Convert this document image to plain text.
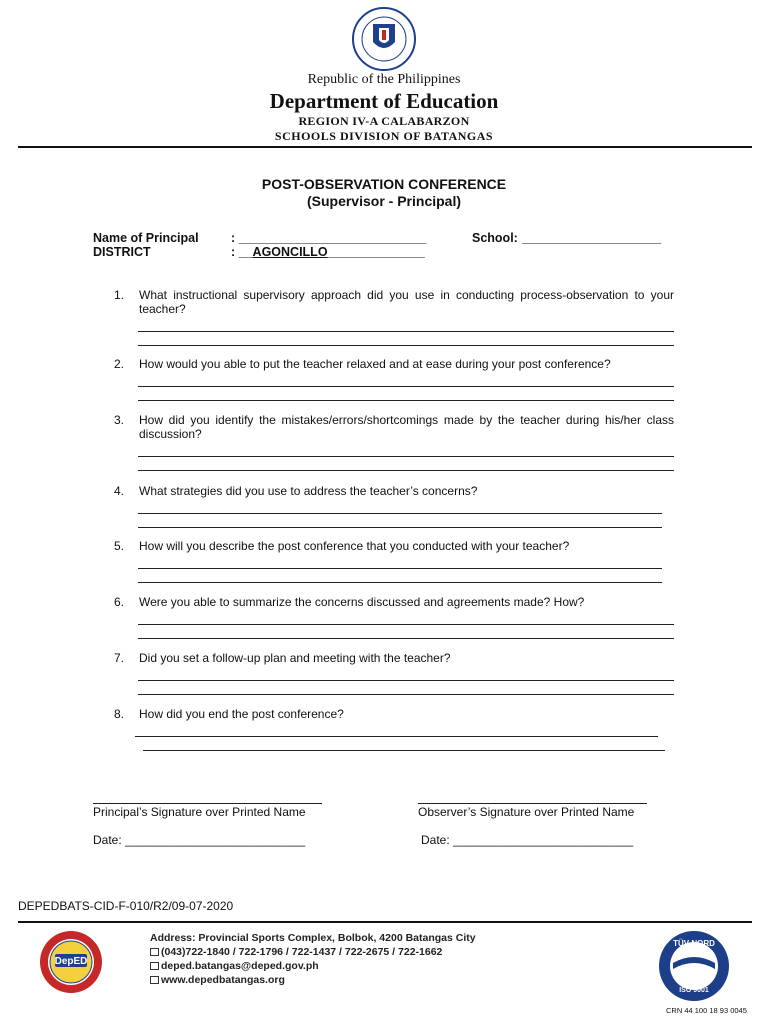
Republic of the Philippines
Department of Education
REGION IV-A CALABARZON
SCHOOLS DIVISION OF BATANGAS
POST-OBSERVATION CONFERENCE
(Supervisor - Principal)
Name of Principal	: ___________________________	School: ____________________
DISTRICT	: __AGONCILLO______________
1.	What instructional supervisory approach did you use in conducting process-observation to your teacher?
2.	How would you able to put the teacher relaxed and at ease during your post conference?
3.	How did you identify the mistakes/errors/shortcomings made by the teacher during his/her class discussion?
4.	What strategies did you use to address the teacher’s concerns?
5.	How will you describe the post conference that you conducted with your teacher?
6.	Were you able to summarize the concerns discussed and agreements made? How?
7.	Did you set a follow-up plan and meeting with the teacher?
8.	How did you end the post conference?
Principal’s Signature over Printed Name	Observer’s Signature over Printed Name
Date: ___________________________	Date: ___________________________
DEPEDBATS-CID-F-010/R2/09-07-2020
DepED
Address: Provincial Sports Complex, Bolbok, 4200 Batangas City
(043)722-1840 / 722-1796 / 722-1437 / 722-2675 / 722-1662
deped.batangas@deped.gov.ph
www.depedbatangas.org
TÜV NORD
ISO 9001
CRN 44 100 18 93 0045
